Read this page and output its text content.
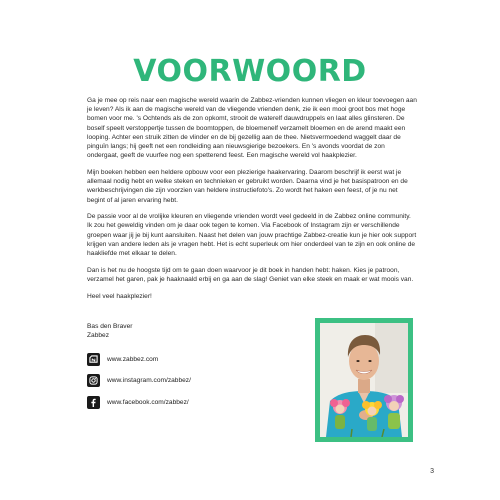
VOORWOORD

Ga je mee op reis naar een magische wereld waarin de Zabbez-vrienden kunnen vliegen en kleur toevoegen aan je leven? Als ik aan de magische wereld van de vliegende vrienden denk, zie ik een mooi groot bos met hoge bomen voor me. 's Ochtends als de zon opkomt, strooit de waterelf dauwdruppels en laat alles glinsteren. De boself speelt verstoppertje tussen de boomtoppen, de bloemenelf verzamelt bloemen en de arend maakt een looping. Achter een struik zitten de vlinder en de bij gezellig aan de thee. Nietsvermoedend waggelt daar de pinguïn langs; hij geeft net een rondleiding aan nieuwsgierige bezoekers. En 's avonds voordat de zon ondergaat, geeft de vuurfee nog een spetterend feest. Een magische wereld vol haakplezier.

Mijn boeken hebben een heldere opbouw voor een plezierige haakervaring. Daarom beschrijf ik eerst wat je allemaal nodig hebt en welke steken en technieken er gebruikt worden. Daarna vind je het basispatroon en de werkbeschrijvingen die zijn voorzien van heldere instructiefoto's. Zo wordt het haken een feest, of je nu net begint of al jaren ervaring hebt.

De passie voor al de vrolijke kleuren en vliegende vrienden wordt veel gedeeld in de Zabbez online community. Ik zou het geweldig vinden om je daar ook tegen te komen. Via Facebook of Instagram zijn er verschillende groepen waar jij je bij kunt aansluiten. Naast het delen van jouw prachtige Zabbez-creatie kun je hier ook support krijgen van andere leden als je vragen hebt. Het is echt superleuk om hier onderdeel van te zijn en ook online de haakliefde met elkaar te delen.

Dan is het nu de hoogste tijd om te gaan doen waarvoor je dit boek in handen hebt: haken. Kies je patroon, verzamel het garen, pak je haaknaald erbij en ga aan de slag! Geniet van elke steek en maak er wat moois van.

Heel veel haakplezier!

Bas den Braver
Zabbez
www.zabbez.com
www.instagram.com/zabbez/
www.facebook.com/zabbez/
3
